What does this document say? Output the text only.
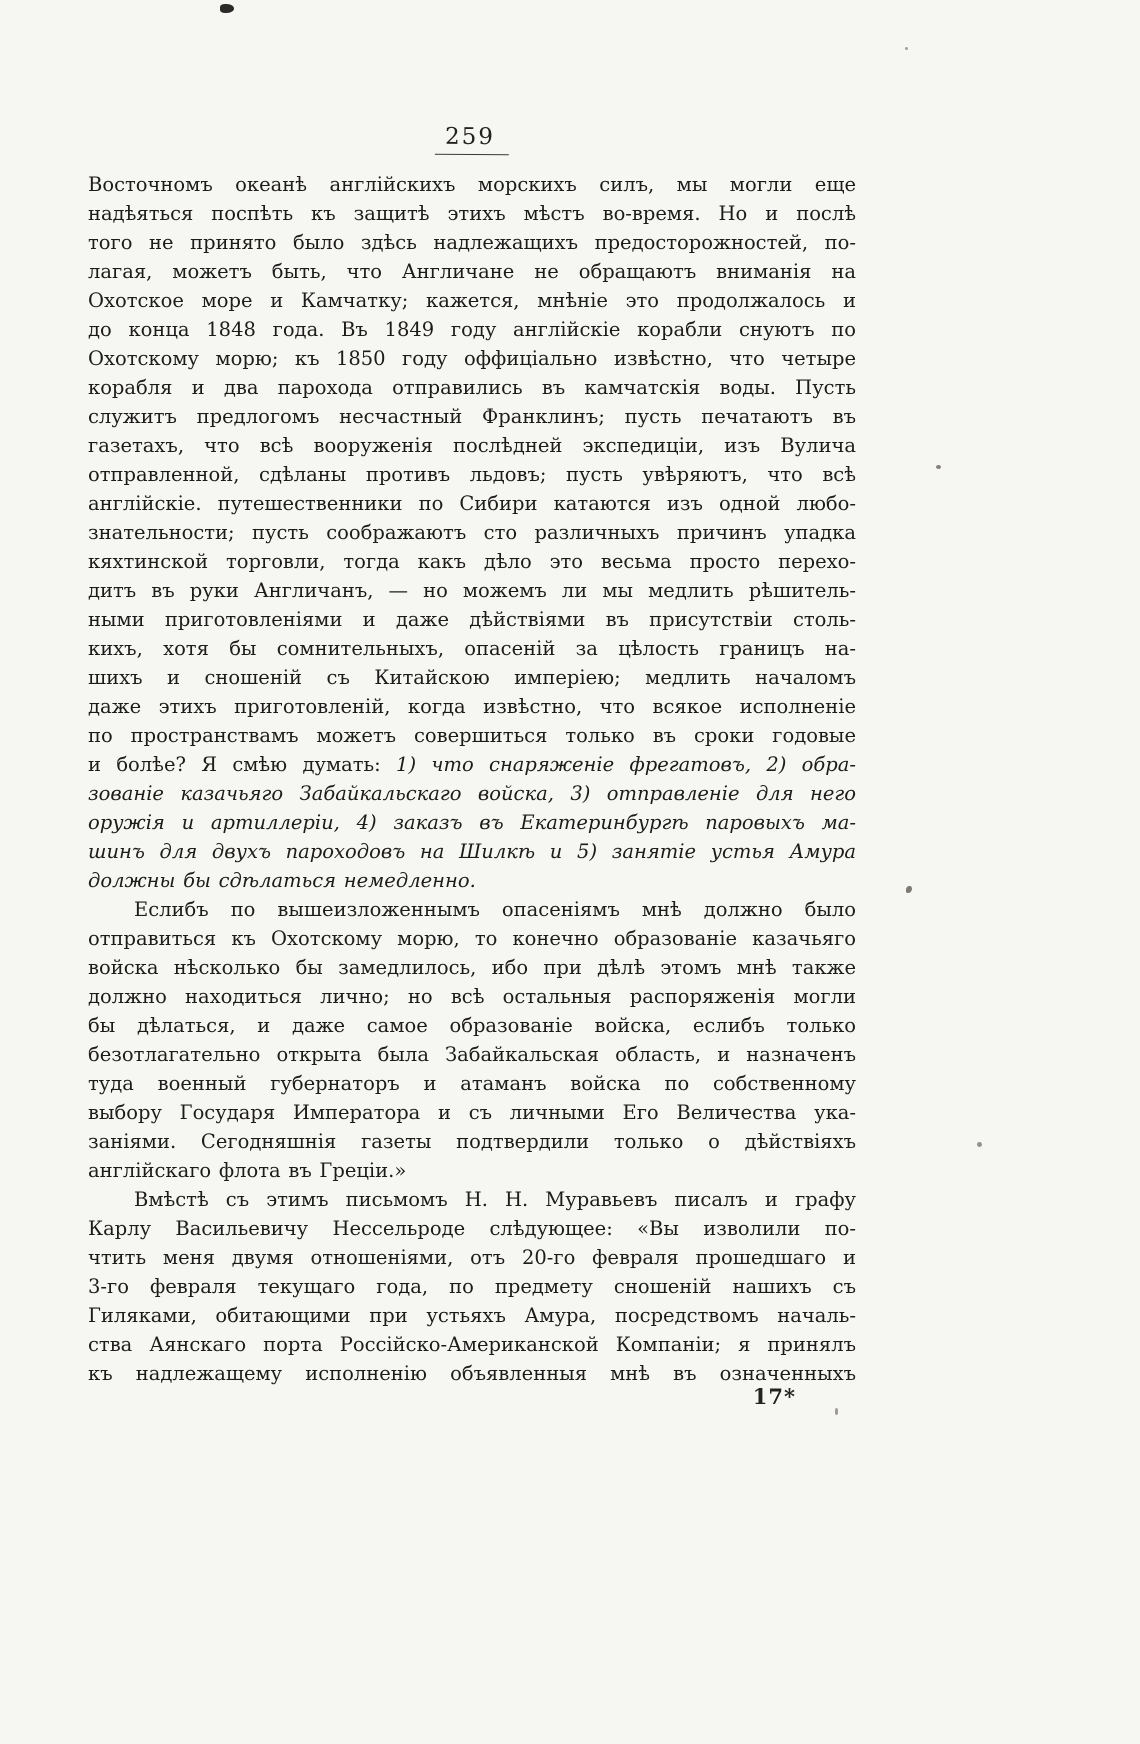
259
Восточномъ океанѣ англійскихъ морскихъ силъ, мы могли еще
надѣяться поспѣть къ защитѣ этихъ мѣстъ во-время. Но и послѣ
того не принято было здѣсь надлежащихъ предосторожностей, по-
лагая, можетъ быть, что Англичане не обращаютъ вниманія на
Охотское море и Камчатку; кажется, мнѣніе это продолжалось и
до конца 1848 года. Въ 1849 году англійскіе корабли снуютъ по
Охотскому морю; къ 1850 году оффиціально извѣстно, что четыре
корабля и два парохода отправились въ камчатскія воды. Пусть
служитъ предлогомъ несчастный Франклинъ; пусть печатаютъ въ
газетахъ, что всѣ вооруженія послѣдней экспедиціи, изъ Вулича
отправленной, сдѣланы противъ льдовъ; пусть увѣряютъ, что всѣ
англійскіе. путешественники по Сибири катаются изъ одной любо-
знательности; пусть соображаютъ сто различныхъ причинъ упадка
кяхтинской торговли, тогда какъ дѣло это весьма просто перехо-
дитъ въ руки Англичанъ, — но можемъ ли мы медлить рѣшитель-
ными приготовленіями и даже дѣйствіями въ присутствіи столь-
кихъ, хотя бы сомнительныхъ, опасеній за цѣлость границъ на-
шихъ и сношеній съ Китайскою имперіею; медлить началомъ
даже этихъ приготовленій, когда извѣстно, что всякое исполненіе
по пространствамъ можетъ совершиться только въ сроки годовые
и болѣе? Я смѣю думать: 1) что снаряженіе фрегатовъ, 2) обра-
зованіе казачьяго Забайкальскаго войска, 3) отправленіе для него
оружія и артиллеріи, 4) заказъ въ Екатеринбургѣ паровыхъ ма-
шинъ для двухъ пароходовъ на Шилкѣ и 5) занятіе устья Амура
должны бы сдѣлаться немедленно.
Еслибъ по вышеизложеннымъ опасеніямъ мнѣ должно было
отправиться къ Охотскому морю, то конечно образованіе казачьяго
войска нѣсколько бы замедлилось, ибо при дѣлѣ этомъ мнѣ также
должно находиться лично; но всѣ остальныя распоряженія могли
бы дѣлаться, и даже самое образованіе войска, еслибъ только
безотлагательно открыта была Забайкальская область, и назначенъ
туда военный губернаторъ и атаманъ войска по собственному
выбору Государя Императора и съ личными Его Величества ука-
заніями. Сегодняшнія газеты подтвердили только о дѣйствіяхъ
англійскаго флота въ Греціи.»
Вмѣстѣ съ этимъ письмомъ Н. Н. Муравьевъ писалъ и графу
Карлу Васильевичу Нессельроде слѣдующее: «Вы изволили по-
чтить меня двумя отношеніями, отъ 20-го февраля прошедшаго и
3-го февраля текущаго года, по предмету сношеній нашихъ съ
Гиляками, обитающими при устьяхъ Амура, посредствомъ началь-
ства Аянскаго порта Россійско-Американской Компаніи; я принялъ
къ надлежащему исполненію объявленныя мнѣ въ означенныхъ
17*
